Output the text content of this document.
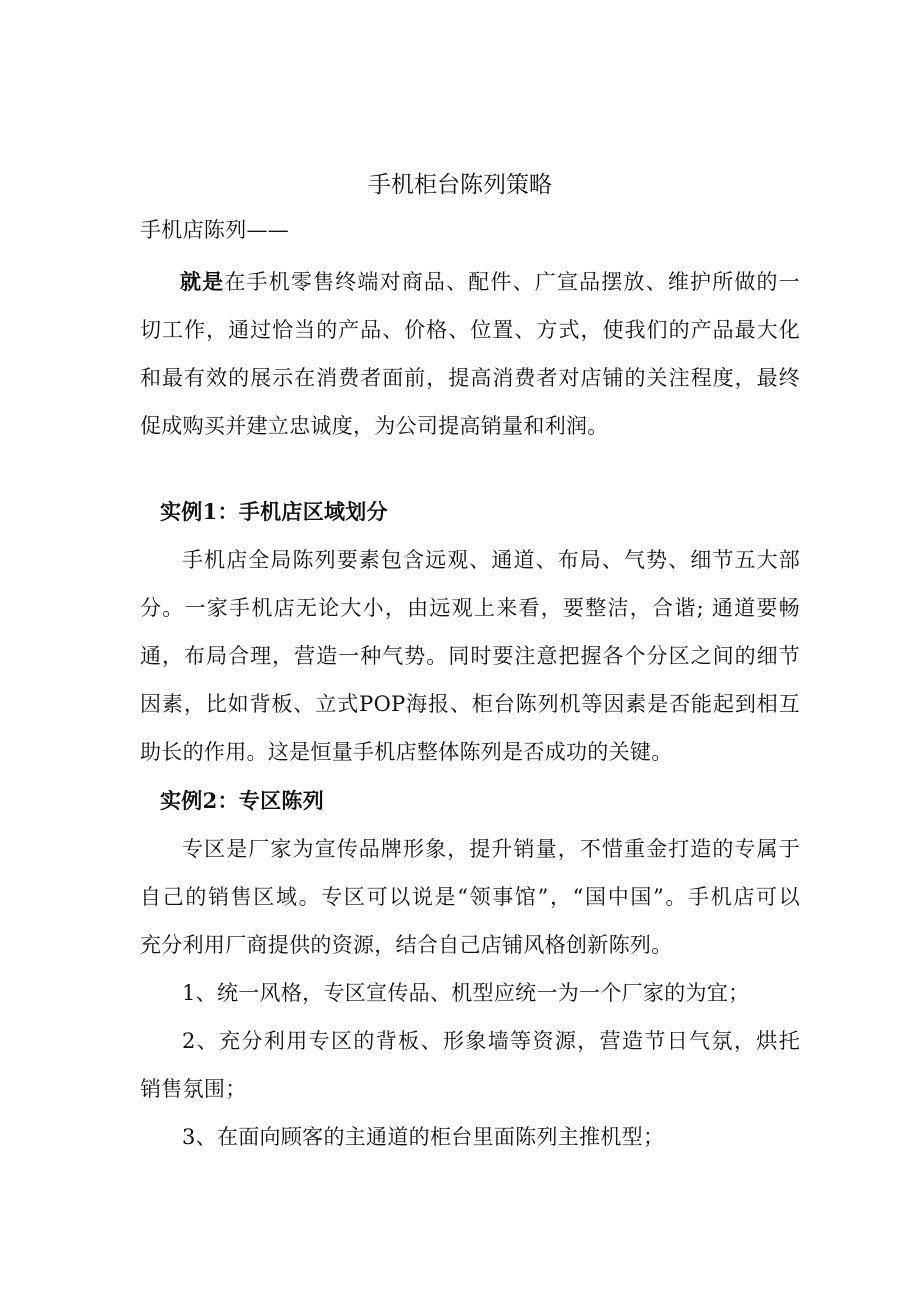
手机柜台陈列策略
手机店陈列——
就是在手机零售终端对商品、配件、广宣品摆放、维护所做的一
切工作，通过恰当的产品、价格、位置、方式，使我们的产品最大化
和最有效的展示在消费者面前，提高消费者对店铺的关注程度，最终
促成购买并建立忠诚度，为公司提高销量和利润。
实例1：手机店区域划分
手机店全局陈列要素包含远观、通道、布局、气势、细节五大部
分。一家手机店无论大小，由远观上来看，要整洁，合谐; 通道要畅
通，布局合理，营造一种气势。同时要注意把握各个分区之间的细节
因素，比如背板、立式POP海报、柜台陈列机等因素是否能起到相互
助长的作用。这是恒量手机店整体陈列是否成功的关键。
实例2：专区陈列
专区是厂家为宣传品牌形象，提升销量，不惜重金打造的专属于
自己的销售区域。专区可以说是“领事馆”，“国中国”。手机店可以
充分利用厂商提供的资源，结合自己店铺风格创新陈列。
1、统一风格，专区宣传品、机型应统一为一个厂家的为宜；
2、充分利用专区的背板、形象墙等资源，营造节日气氛，烘托
销售氛围；
3、在面向顾客的主通道的柜台里面陈列主推机型；
